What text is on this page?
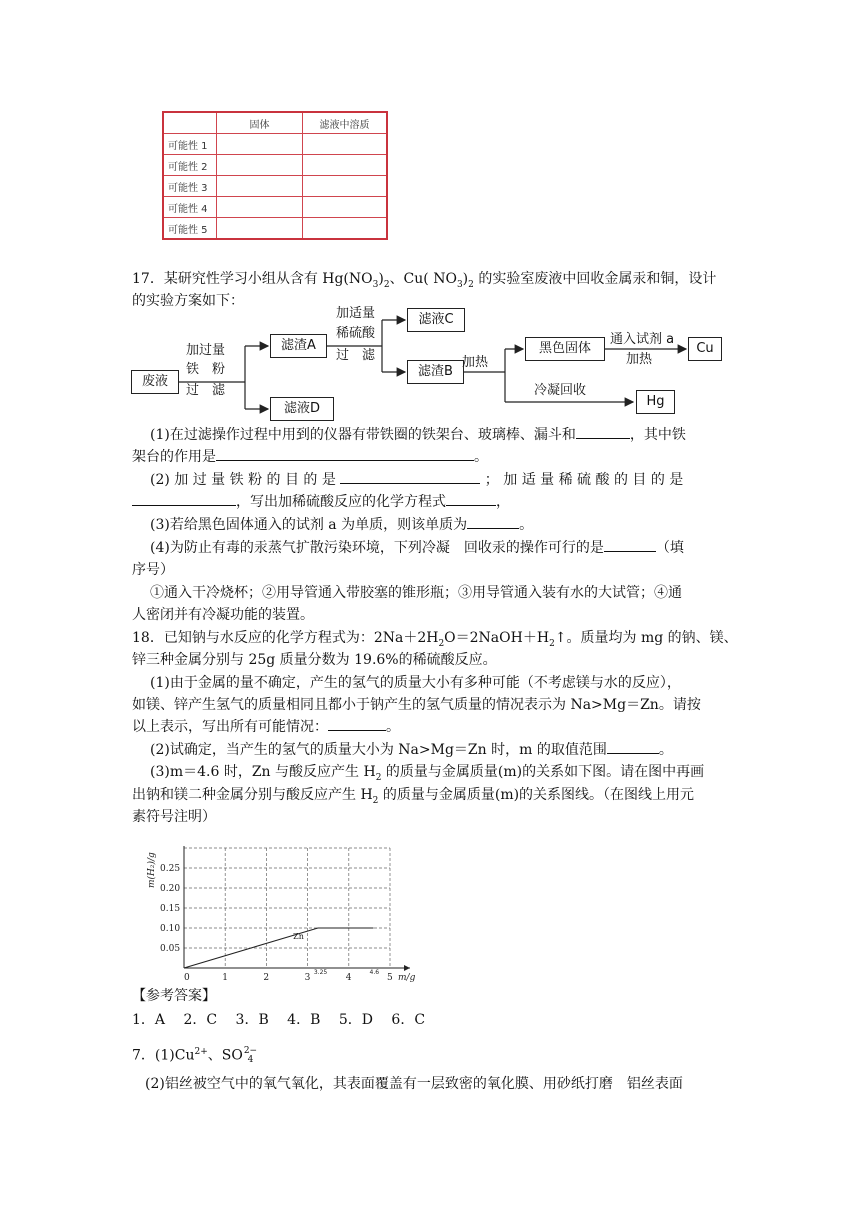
	固体	滤液中溶质
可能性 1		
可能性 2		
可能性 3		
可能性 4		
可能性 5		
17．某研究性学习小组从含有 $Hg(NO_3)_2$、Cu( $NO_3)_2$ 的实验室废液中回收金属汞和铜，设计
的实验方案如下：
废液
加过量
铁　粉
过　滤
滤渣A
滤液D
加适量
稀硫酸
过　滤
滤液C
滤渣B
加热
黑色固体
通入试剂 a
加热
Cu
冷凝回收
Hg
(1)在过滤操作过程中用到的仪器有带铁圈的铁架台、玻璃棒、漏斗和	，其中铁
架台的作用是	。
(2) 加 过 量 铁 粉 的 目 的 是	； 加 适 量 稀 硫 酸 的 目 的 是
，写出加稀硫酸反应的化学方程式	，
(3)若给黑色固体通入的试剂 a 为单质，则该单质为	。
(4)为防止有毒的汞蒸气扩散污染环境，下列冷凝　回收汞的操作可行的是	（填
序号）
①通入干冷烧杯；②用导管通入带胶塞的锥形瓶；③用导管通入装有水的大试管；④通
人密闭并有冷凝功能的装置。
18．已知钠与水反应的化学方程式为：$2Na+2H_2O=2NaOH+H_2↑$。质量均为 mg 的钠、镁、
锌三种金属分别与 25g 质量分数为 19.6%的稀硫酸反应。
(1)由于金属的量不确定，产生的氢气的质量大小有多种可能（不考虑镁与水的反应），
如镁、锌产生氢气的质量相同且都小于钠产生的氢气质量的情况表示为 Na>Mg＝Zn。请按
以上表示，写出所有可能情况：	。
(2)试确定，当产生的氢气的质量大小为 Na>Mg＝Zn 时，m 的取值范围	。
(3)m＝4.6 时，Zn 与酸反应产生 $H_2$ 的质量与金属质量(m)的关系如下图。请在图中再画
出钠和镁二种金属分别与酸反应产生 $H_2$ 的质量与金属质量(m)的关系图线。（在图线上用元
素符号注明）
0	1	2	3	4	5
3.25	4.6
0.05
0.10
0.15
0.20
0.25
m/g
m(H₂)/g
Zn
【参考答案】
1．A　 2．C　 3．B　 4．B　 5．D　 6．C
7．$(1)Cu^{2+}$、SO2−
4
(2)铝丝被空气中的氧气氧化，其表面覆盖有一层致密的氧化膜、用砂纸打磨　铝丝表面
